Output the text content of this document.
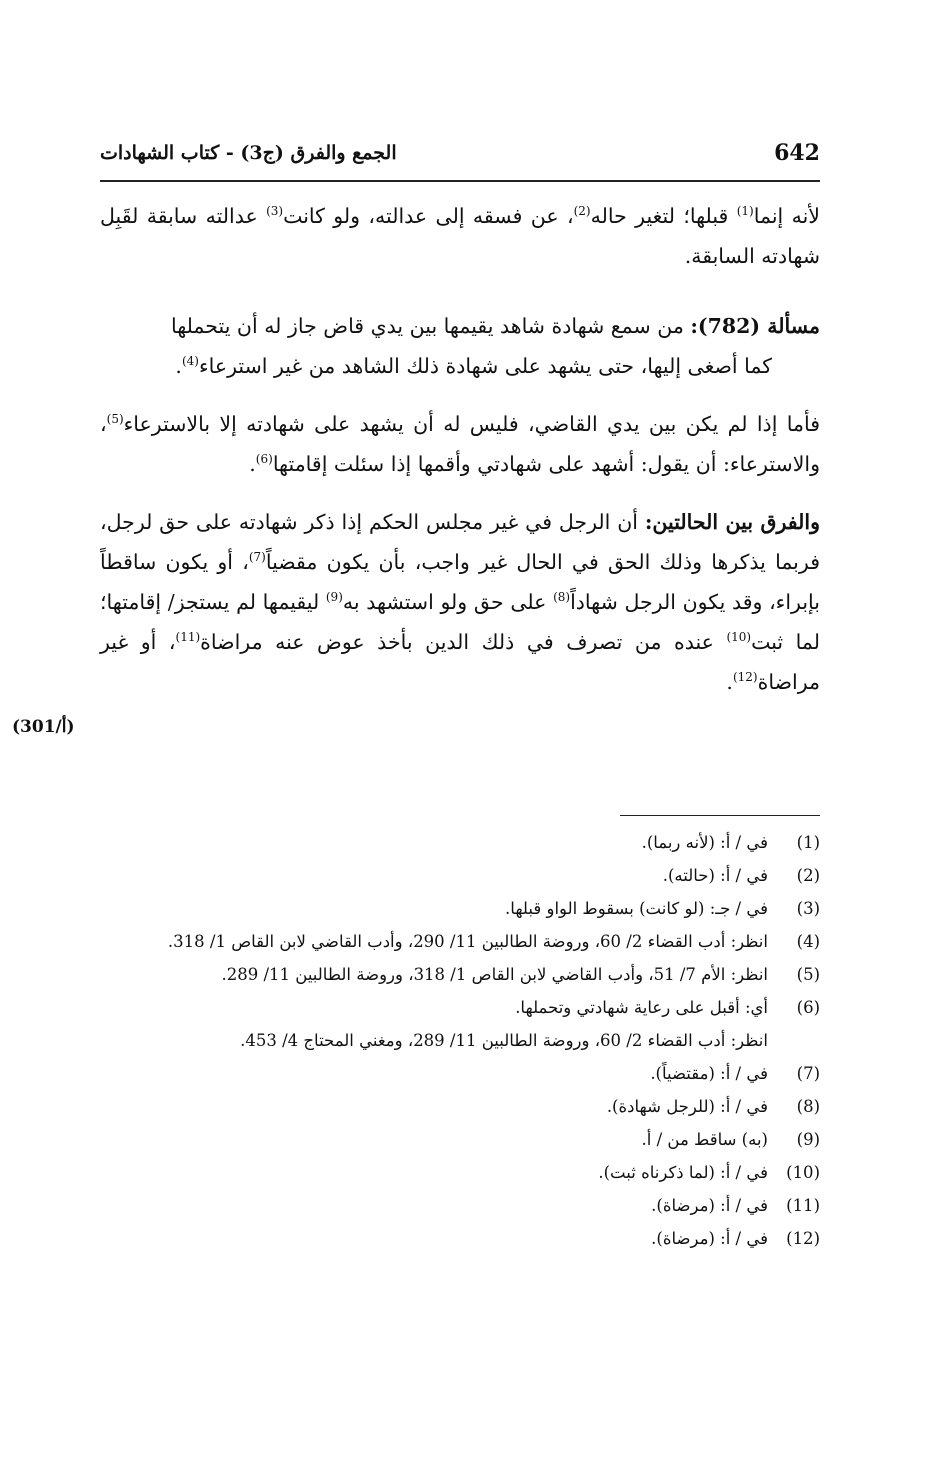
642
الجمع والفرق (ج3) - كتاب الشهادات
(301/أ)

لأنه إنما$^{(1)}$ قبلها؛ لتغير حاله$^{(2)}$، عن فسقه إلى عدالته، ولو كانت$^{(3)}$ عدالته سابقة لقَبِل شهادته السابقة.

مسألة (782): من سمع شهادة شاهد يقيمها بين يدي قاض جاز له أن يتحملها
كما أصغى إليها، حتى يشهد على شهادة ذلك الشاهد من غير استرعاء$^{(4)}$.

فأما إذا لم يكن بين يدي القاضي، فليس له أن يشهد على شهادته إلا بالاسترعاء$^{(5)}$، والاسترعاء: أن يقول: أشهد على شهادتي وأقمها إذا سئلت إقامتها$^{(6)}$.

والفرق بين الحالتين: أن الرجل في غير مجلس الحكم إذا ذكر شهادته على حق لرجل، فربما يذكرها وذلك الحق في الحال غير واجب، بأن يكون مقضياً$^{(7)}$، أو يكون ساقطاً بإبراء، وقد يكون الرجل شهاداً$^{(8)}$ على حق ولو استشهد به$^{(9)}$ ليقيمها لم يستجز/ إقامتها؛ لما ثبت$^{(10)}$ عنده من تصرف في ذلك الدين بأخذ عوض عنه مراضاة$^{(11)}$، أو غير مراضاة$^{(12)}$.

(1)
في / أ: (لأنه ربما).
(2)
في / أ: (حالته).
(3)
في / جـ: (لو كانت) بسقوط الواو قبلها.
(4)
انظر: أدب القضاء 2/ 60، وروضة الطالبين 11/ 290، وأدب القاضي لابن القاص 1/ 318.
(5)
انظر: الأم 7/ 51، وأدب القاضي لابن القاص 1/ 318، وروضة الطالبين 11/ 289.
(6)
أي: أقبل على رعاية شهادتي وتحملها.
انظر: أدب القضاء 2/ 60، وروضة الطالبين 11/ 289، ومغني المحتاج 4/ 453.
(7)
في / أ: (مقتضياً).
(8)
في / أ: (للرجل شهادة).
(9)
(به) ساقط من / أ.
(10)
في / أ: (لما ذكرناه ثبت).
(11)
في / أ: (مرضاة).
(12)
في / أ: (مرضاة).
